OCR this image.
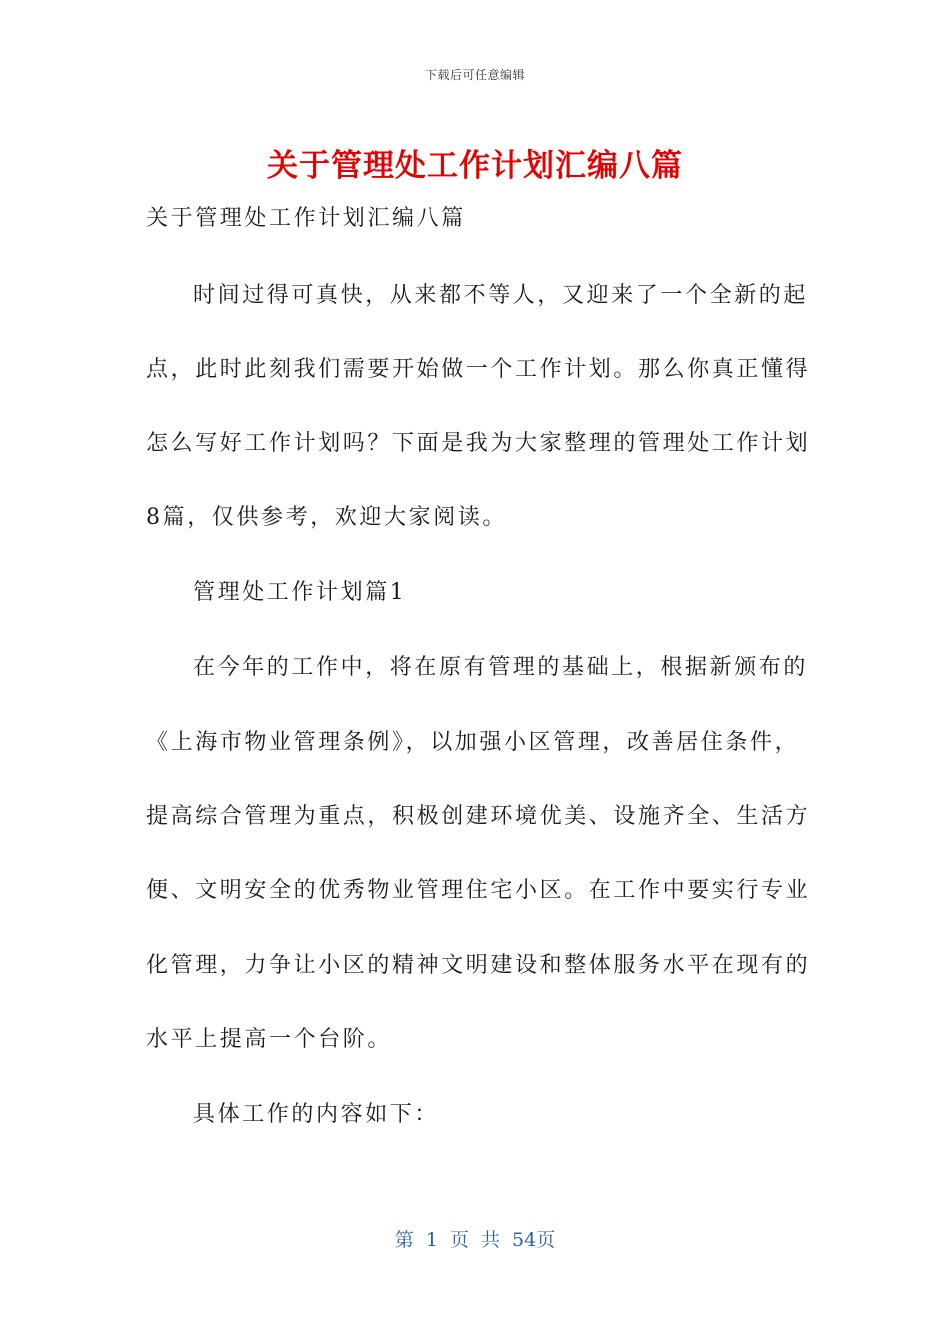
下载后可任意编辑
关于管理处工作计划汇编八篇
关于管理处工作计划汇编八篇
时间过得可真快，从来都不等人，又迎来了一个全新的起
点，此时此刻我们需要开始做一个工作计划。那么你真正懂得
怎么写好工作计划吗？下面是我为大家整理的管理处工作计划
8篇，仅供参考，欢迎大家阅读。
管理处工作计划篇1
在今年的工作中，将在原有管理的基础上，根据新颁布的
《上海市物业管理条例》，以加强小区管理，改善居住条件，
提高综合管理为重点，积极创建环境优美、设施齐全、生活方
便、文明安全的优秀物业管理住宅小区。在工作中要实行专业
化管理，力争让小区的精神文明建设和整体服务水平在现有的
水平上提高一个台阶。
具体工作的内容如下：
第 1 页 共 54页
